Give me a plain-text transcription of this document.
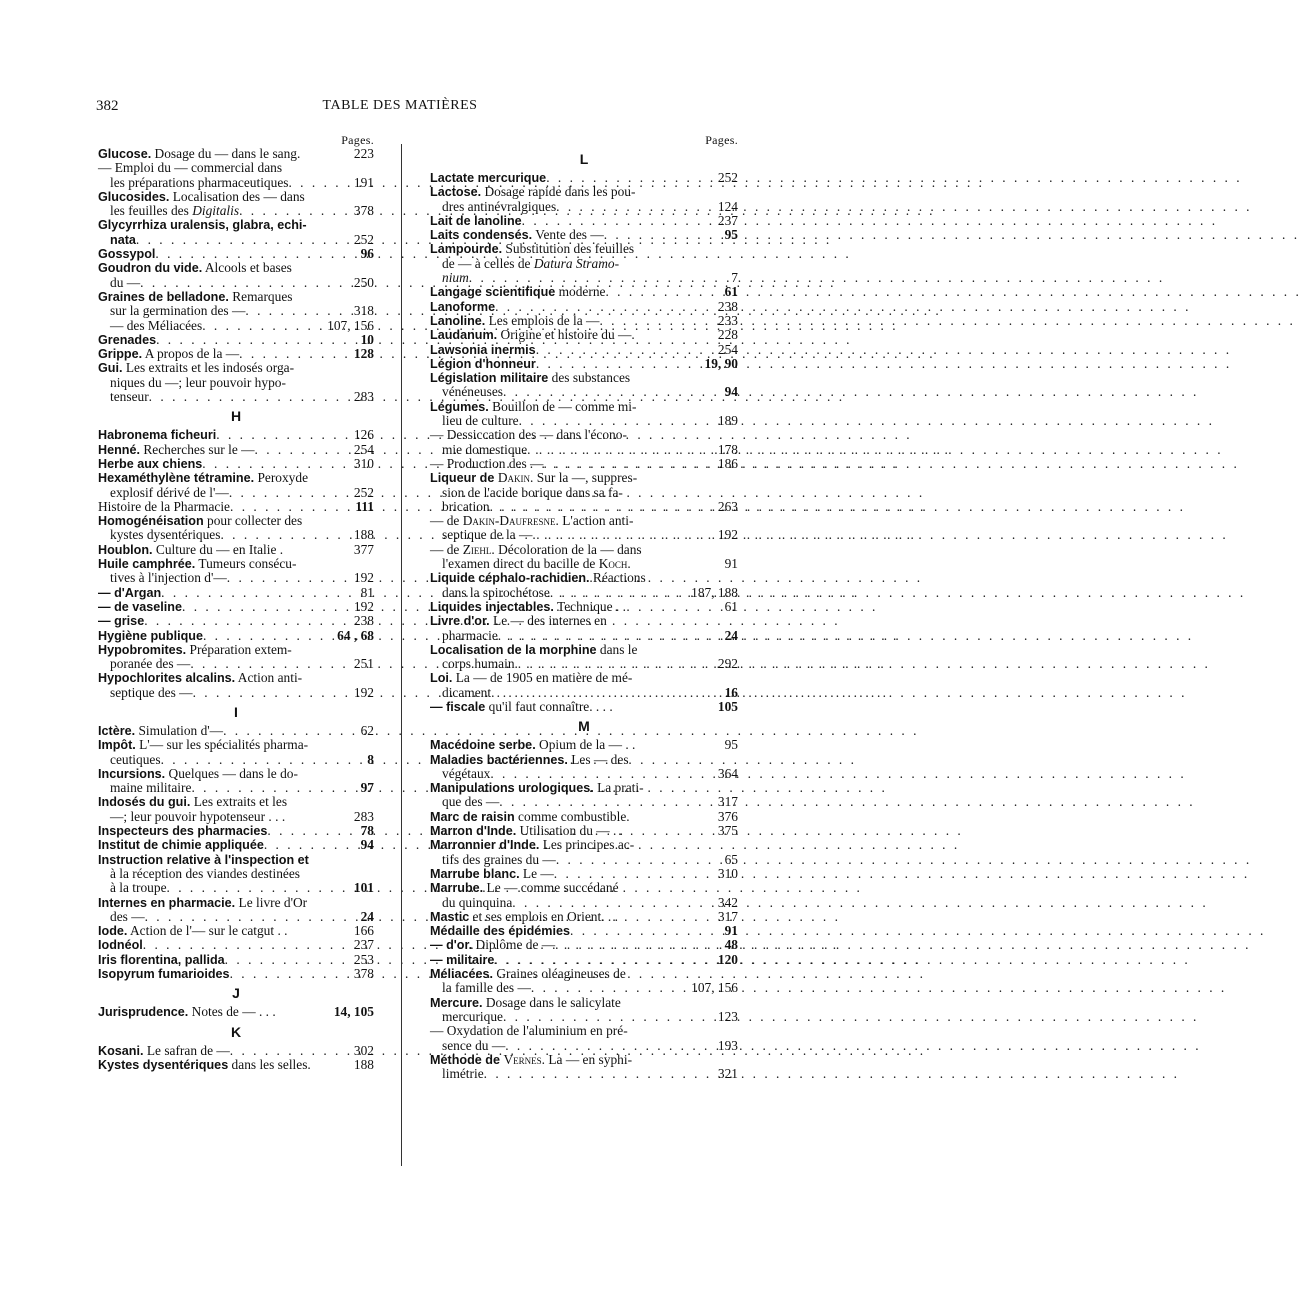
382	TABLE DES MATIÈRES
Pages.
Glucose. Dosage du — dans le sang.	223
— Emploi du — commercial dans
les préparations pharmaceutiques . . .	191
Glucosides. Localisation des — dans
les feuilles des Digitalis . . .	378
Glycyrrhiza uralensis, glabra, echi-
nata . . .	252
Gossypol . . .	96
Goudron du vide. Alcools et bases
du — . . .	250
Graines de belladone. Remarques
sur la germination des — . . .	318
— des Méliacées . . .	107, 156
Grenades . . .	10
Grippe. A propos de la — . . .	128
Gui. Les extraits et les indosés orga-
niques du —; leur pouvoir hypo-
tenseur . . .	283
H
Habronema ficheuri . . .	126
Henné. Recherches sur le — . . .	254
Herbe aux chiens . . .	310
Hexaméthylène tétramine. Peroxyde
explosif dérivé de l'— . . .	252
Histoire de la Pharmacie . . .	111
Homogénéisation pour collecter des
kystes dysentériques . . .	188
Houblon. Culture du — en Italie .	377
Huile camphrée. Tumeurs consécu-
tives à l'injection d'— . . .	192
— d'Argan . . .	81
— de vaseline . . .	192
— grise . . .	238
Hygiène publique . . .	64 , 68
Hypobromites. Préparation extem-
poranée des — . . .	251
Hypochlorites alcalins. Action anti-
septique des — . . .	192
I
Ictère. Simulation d'— . . .	62
Impôt. L'— sur les spécialités pharma-
ceutiques . . .	8
Incursions. Quelques — dans le do-
maine militaire . . .	97
Indosés du gui. Les extraits et les
—; leur pouvoir hypotenseur . . .	283
Inspecteurs des pharmacies . . .	78
Institut de chimie appliquée . . .	94
Instruction relative à l'inspection et
à la réception des viandes destinées
à la troupe . . .	101
Internes en pharmacie. Le livre d'Or
des — . . .	24
Iode. Action de l'— sur le catgut . .	166
Iodnéol . . .	237
Iris florentina, pallida . . .	253
Isopyrum fumarioides . . .	378
J
Jurisprudence. Notes de — . . .	14, 105
K
Kosani. Le safran de — . . .	302
Kystes dysentériques dans les selles.	188
Pages.
L
Lactate mercurique . . .	252
Lactose. Dosage rapide dans les pou-
dres antinévralgiques . . .	124
Lait de lanoline . . .	237
Laits condensés. Vente des — . . .	95
Lampourde. Substitution des feuilles
de — à celles de Datura Stramo-
nium . . .	7
Langage scientifique moderne . . .	61
Lanoforme . . .	238
Lanoline. Les emplois de la — . . .	233
Laudanum. Origine et histoire du —.	228
Lawsonia inermis . . .	254
Légion d'honneur . . .	19, 90
Législation militaire des substances
vénéneuses . . .	94
Légumes. Bouillon de — comme mi-
lieu de culture . . .	189
— Dessiccation des — dans l'écono-
mie domestique . . .	178
— Production des — . . .	186
Liqueur de Dakin. Sur la —, suppres-
sion de l'acide borique dans sa fa-
brication . . .	263
— de Dakin-Daufresne. L'action anti-
septique de la — . . .	192
— de Ziehl. Décoloration de la — dans
l'examen direct du bacille de Koch.	91
Liquide céphalo-rachidien. Réactions
dans la spirochétose . . .	187, 188
Liquides injectables. Technique . .	61
Livre d'or. Le — des internes en
pharmacie . . .	24
Localisation de la morphine dans le
corps humain . . .	292
Loi. La — de 1905 en matière de mé-
dicament . . .	16
— fiscale qu'il faut connaître. . . .	105
M
Macédoine serbe. Opium de la — . .	95
Maladies bactériennes. Les — des
végétaux . . .	364
Manipulations urologiques. La prati-
que des — . . .	317
Marc de raisin comme combustible.	376
Marron d'Inde. Utilisation du — . .	375
Marronnier d'Inde. Les principes ac-
tifs des graines du — . . .	65
Marrube blanc. Le — . . .	310
Marrube. Le — comme succédané
du quinquina . . .	342
Mastic et ses emplois en Orient. . .	317
Médaille des épidémies . . .	91
— d'or. Diplôme de — . . .	48
— militaire . . .	120
Méliacées. Graines oléagineuses de
la famille des — . . .	107, 156
Mercure. Dosage dans le salicylate
mercurique . . .	123
— Oxydation de l'aluminium en pré-
sence du — . . .	193
Méthode de Vernes. La — en syphi-
limétrie . . .	321
